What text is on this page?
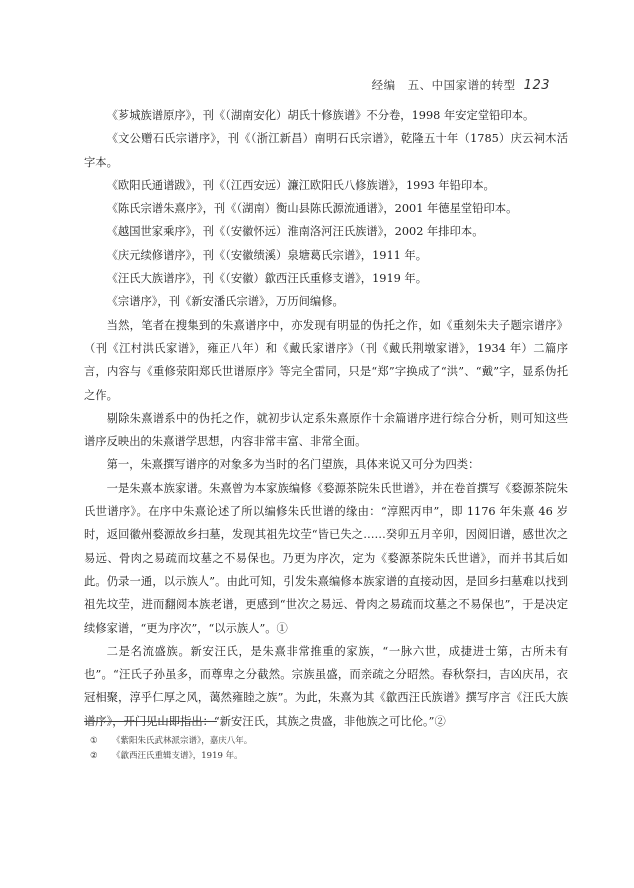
经编　五、中国家谱的转型 123

《芗城族谱原序》，刊《（湖南安化）胡氏十修族谱》不分卷，1998 年安定堂铅印本。

《文公赠石氏宗谱序》，刊《（浙江新昌）南明石氏宗谱》，乾隆五十年（1785）庆云祠木活字本。

《欧阳氏通谱跋》，刊《（江西安远）濂江欧阳氏八修族谱》，1993 年铅印本。

《陈氏宗谱朱熹序》，刊《（湖南）衡山县陈氏源流通谱》，2001 年德星堂铅印本。

《越国世家乘序》，刊《（安徽怀远）淮南洛河汪氏族谱》，2002 年排印本。

《庆元续修谱序》，刊《（安徽绩溪）泉塘葛氏宗谱》，1911 年。

《汪氏大族谱序》，刊《（安徽）歙西汪氏重修支谱》，1919 年。

《宗谱序》，刊《新安潘氏宗谱》，万历间编修。

当然，笔者在搜集到的朱熹谱序中，亦发现有明显的伪托之作，如《重刻朱夫子题宗谱序》（刊《江村洪氏家谱》，雍正八年）和《戴氏家谱序》（刊《戴氏荆墩家谱》，1934 年）二篇序言，内容与《重修荥阳郑氏世谱原序》等完全雷同，只是“郑”字换成了“洪”、“戴”字，显系伪托之作。

剔除朱熹谱系中的伪托之作，就初步认定系朱熹原作十余篇谱序进行综合分析，则可知这些谱序反映出的朱熹谱学思想，内容非常丰富、非常全面。

第一，朱熹撰写谱序的对象多为当时的名门望族，具体来说又可分为四类：

一是朱熹本族家谱。朱熹曾为本家族编修《婺源茶院朱氏世谱》，并在卷首撰写《婺源茶院朱氏世谱序》。在序中朱熹论述了所以编修朱氏世谱的缘由：“淳熙丙申”，即 1176 年朱熹 46 岁时，返回徽州婺源故乡扫墓，发现其祖先坟茔“皆已失之……癸卯五月辛卯，因阅旧谱，感世次之易远、骨肉之易疏而坟墓之不易保也。乃更为序次，定为《婺源茶院朱氏世谱》，而并书其后如此。仍录一通，以示族人”。由此可知，引发朱熹编修本族家谱的直接动因，是回乡扫墓难以找到祖先坟茔，进而翻阅本族老谱，更感到“世次之易远、骨肉之易疏而坟墓之不易保也”，于是决定续修家谱，“更为序次”，“以示族人”。①

二是名流盛族。新安汪氏，是朱熹非常推重的家族，“一脉六世，成捷进士第，古所未有也”。“汪氏子孙虽多，而尊卑之分截然。宗族虽盛，而亲疏之分昭然。春秋祭扫，吉凶庆吊，衣冠相聚，淳乎仁厚之风，蔼然雍睦之族”。为此，朱熹为其《歙西汪氏族谱》撰写序言《汪氏大族谱序》，开门见山即指出：“新安汪氏，其族之贵盛，非他族之可比伦。”②

① 《紫阳朱氏武林派宗谱》，嘉庆八年。
② 《歙西汪氏重辑支谱》，1919 年。
